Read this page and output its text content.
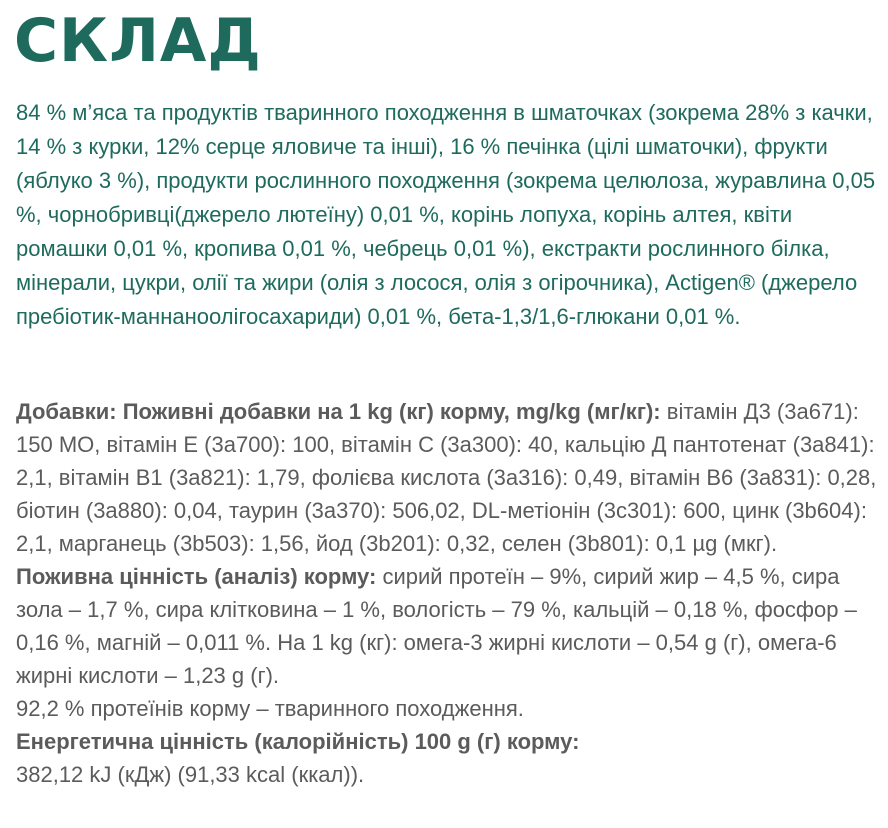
СКЛАД

84 % м’яса та продуктів тваринного походження в шматочках (зокрема 28% з качки, 14 % з курки, 12% серце яловиче та інші), 16 % печінка (цілі шматочки), фрукти (яблуко 3 %), продукти рослинного походження (зокрема целюлоза, журавлина 0,05 %, чорнобривці(джерело лютеїну) 0,01 %, корінь лопуха, корінь алтея, квіти ромашки 0,01 %, кропива 0,01 %, чебрець 0,01 %), екстракти рослинного білка, мінерали, цукри, олії та жири (олія з лосося, олія з огірочника), Actigen® (джерело пребіотик-маннаноолігосахариди) 0,01 %, бета-1,3/1,6-глюкани 0,01 %.

Добавки: Поживні добавки на 1 kg (кг) корму, mg/kg (мг/кг): вітамін Д3 (3a671): 150 MO, вітамін Е (3a700): 100, вітамін С (3a300): 40, кальцію Д пантотенат (3a841): 2,1, вітамін В1 (3a821): 1,79, фолієва кислота (3a316): 0,49, вітамін В6 (3a831): 0,28, біотин (3a880): 0,04, таурин (3a370): 506,02, DL-метіонін (3c301): 600, цинк (3b604): 2,1, марганець (3b503): 1,56, йод (3b201): 0,32, селен (3b801): 0,1 µg (мкг).

Поживна цінність (аналіз) корму: сирий протеїн – 9%, сирий жир – 4,5 %, сира зола – 1,7 %, сира клітковина – 1 %, вологість – 79 %, кальцій – 0,18 %, фосфор – 0,16 %, магній – 0,011 %. На 1 kg (кг): омега-3 жирні кислоти – 0,54 g (г), омега-6 жирні кислоти – 1,23 g (г).

92,2 % протеїнів корму – тваринного походження.

Енергетична цінність (калорійність) 100 g (г) корму:

382,12 kJ (кДж) (91,33 kcal (ккал)).
